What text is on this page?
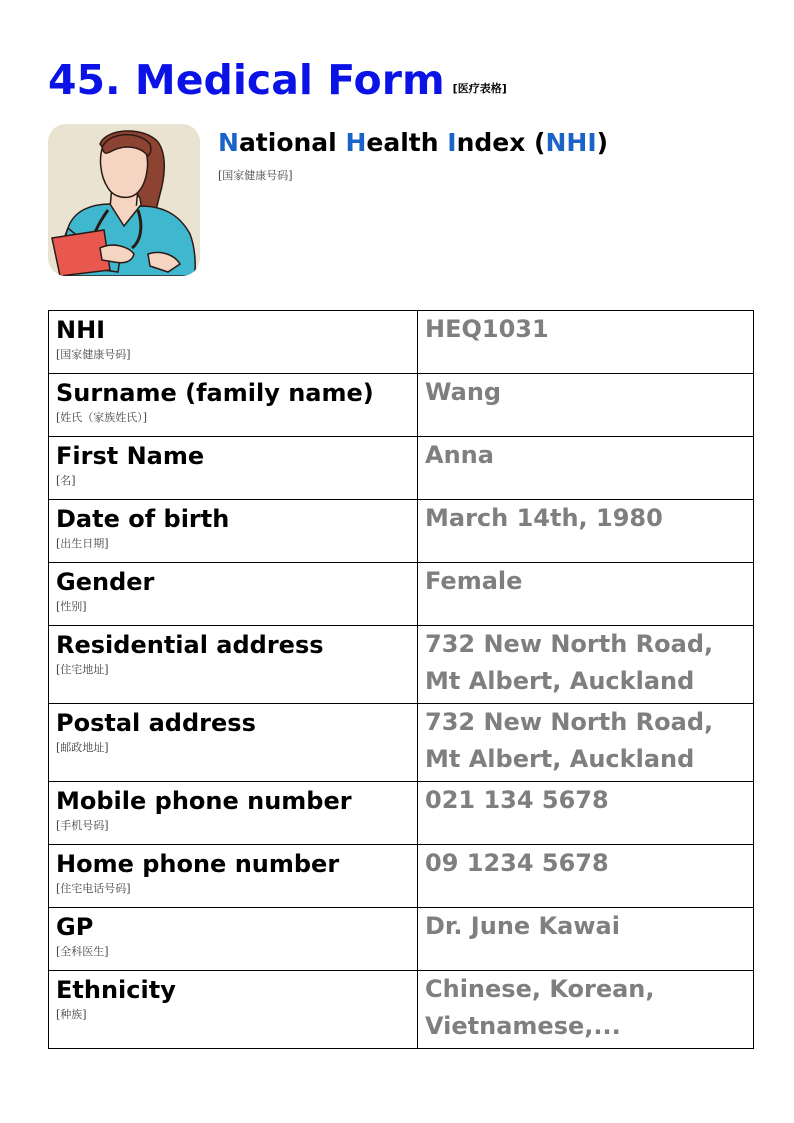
45. Medical Form [医疗表格]
National Health Index (NHI)
[国家健康号码]
NHI
[国家健康号码]	HEQ1031

Surname (family name)
[姓氏（家族姓氏）]	Wang

First Name
[名]	Anna

Date of birth
[出生日期]	March 14th, 1980

Gender
[性别]	Female

Residential address
[住宅地址]	732 New North Road, Mt Albert, Auckland

Postal address
[邮政地址]	732 New North Road, Mt Albert, Auckland

Mobile phone number
[手机号码]	021 134 5678

Home phone number
[住宅电话号码]	09 1234 5678

GP
[全科医生]	Dr. June Kawai

Ethnicity
[种族]	Chinese, Korean, Vietnamese,...
